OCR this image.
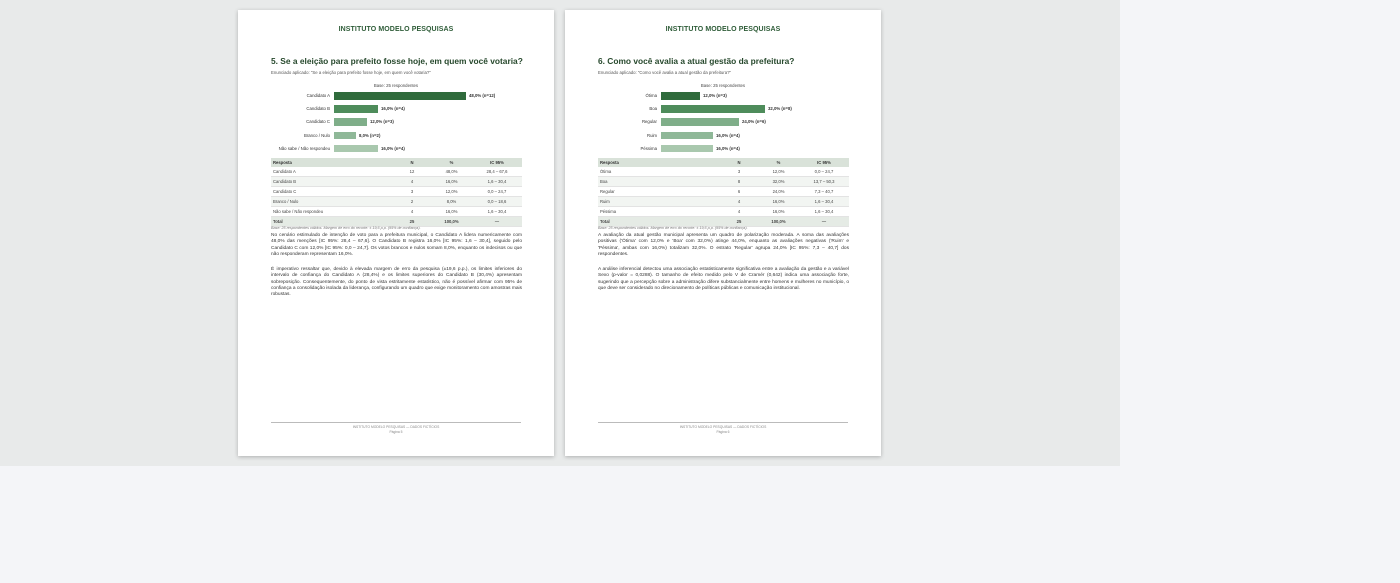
INSTITUTO MODELO PESQUISAS
5. Se a eleição para prefeito fosse hoje, em quem você votaria?
Enunciado aplicado: "Se a eleição para prefeito fosse hoje, em quem você votaria?"
Base: 25 respondentes
Candidato A	48,0% (n=12)
Candidato B	16,0% (n=4)
Candidato C	12,0% (n=3)
Branco / Nulo	8,0% (n=2)
Não sabe / Não respondeu	16,0% (n=4)
Resposta	N	%	IC 95%
Candidato A	12	48,0%	28,4 – 67,6
Candidato B	4	16,0%	1,6 – 30,4
Candidato C	3	12,0%	0,0 – 24,7
Branco / Nulo	2	8,0%	0,0 – 18,6
Não sabe / Não respondeu	4	16,0%	1,6 – 30,4
Total	25	100,0%	—
Base: 25 respondentes válidos. Margem de erro do recorte: ± 19,6 p.p. (95% de confiança).

No cenário estimulado de intenção de voto para a prefeitura municipal, o Candidato A lidera numericamente com 48,0% das menções [IC 95%: 28,4 – 67,6]. O Candidato B registra 16,0% [IC 95%: 1,6 – 30,4], seguido pelo Candidato C com 12,0% [IC 95%: 0,0 – 24,7]. Os votos brancos e nulos somam 8,0%, enquanto os indecisos ou que não responderam representam 16,0%.

É imperativo ressaltar que, devido à elevada margem de erro da pesquisa (±19,6 p.p.), os limites inferiores do intervalo de confiança do Candidato A (28,4%) e os limites superiores do Candidato B (30,4%) apresentam sobreposição. Consequentemente, do ponto de vista estritamente estatístico, não é possível afirmar com 95% de confiança a consolidação isolada da liderança, configurando um quadro que exige monitoramento com amostras mais robustas.

INSTITUTO MODELO PESQUISAS — DADOS FICTÍCIOS
Página 5
INSTITUTO MODELO PESQUISAS
6. Como você avalia a atual gestão da prefeitura?
Enunciado aplicado: "Como você avalia a atual gestão da prefeitura?"
Base: 25 respondentes
Ótima	12,0% (n=3)
Boa	32,0% (n=8)
Regular	24,0% (n=6)
Ruim	16,0% (n=4)
Péssima	16,0% (n=4)
Resposta	N	%	IC 95%
Ótima	3	12,0%	0,0 – 24,7
Boa	8	32,0%	13,7 – 50,3
Regular	6	24,0%	7,3 – 40,7
Ruim	4	16,0%	1,6 – 30,4
Péssima	4	16,0%	1,6 – 30,4
Total	25	100,0%	—
Base: 25 respondentes válidos. Margem de erro do recorte: ± 19,6 p.p. (95% de confiança).

A avaliação da atual gestão municipal apresenta um quadro de polarização moderada. A soma das avaliações positivas ('Ótima' com 12,0% e 'Boa' com 32,0%) atinge 44,0%, enquanto as avaliações negativas ('Ruim' e 'Péssima', ambas com 16,0%) totalizam 32,0%. O estrato 'Regular' agrupa 24,0% [IC 95%: 7,3 – 40,7] dos respondentes.

A análise inferencial detectou uma associação estatisticamente significativa entre a avaliação da gestão e a variável Sexo (p-valor = 0,0288). O tamanho de efeito medido pelo V de Cramér (0,642) indica uma associação forte, sugerindo que a percepção sobre a administração difere substancialmente entre homens e mulheres no município, o que deve ser considerado no direcionamento de políticas públicas e comunicação institucional.

INSTITUTO MODELO PESQUISAS — DADOS FICTÍCIOS
Página 6
